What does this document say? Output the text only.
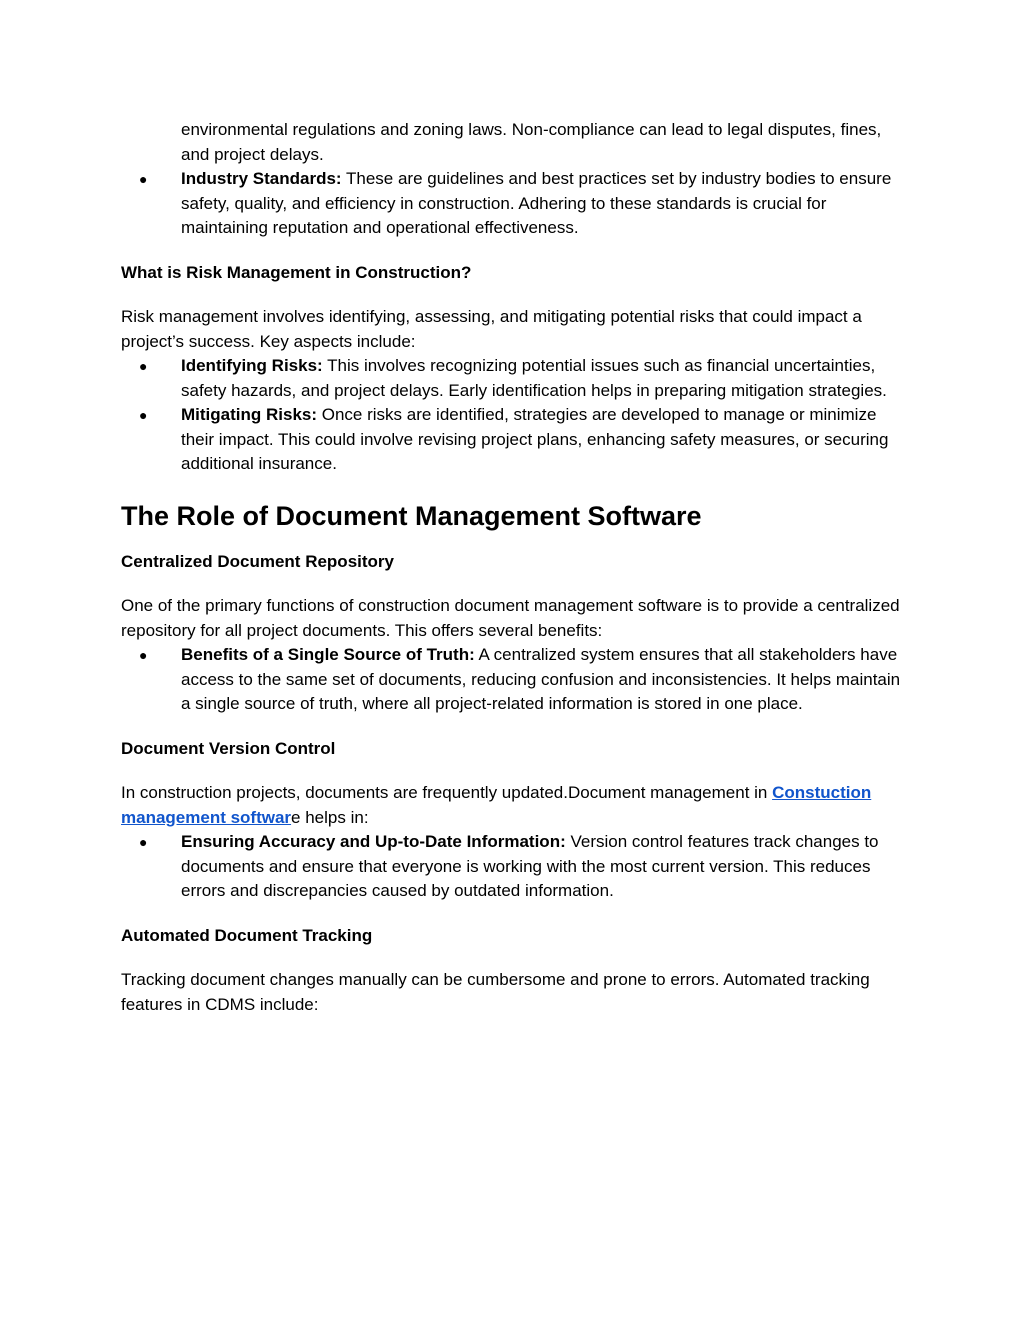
environmental regulations and zoning laws. Non-compliance can lead to legal disputes, fines, and project delays.

● Industry Standards: These are guidelines and best practices set by industry bodies to ensure safety, quality, and efficiency in construction. Adhering to these standards is crucial for maintaining reputation and operational effectiveness.
What is Risk Management in Construction?

Risk management involves identifying, assessing, and mitigating potential risks that could impact a project’s success. Key aspects include:

● Identifying Risks: This involves recognizing potential issues such as financial uncertainties, safety hazards, and project delays. Early identification helps in preparing mitigation strategies.
● Mitigating Risks: Once risks are identified, strategies are developed to manage or minimize their impact. This could involve revising project plans, enhancing safety measures, or securing additional insurance.
The Role of Document Management Software
Centralized Document Repository

One of the primary functions of construction document management software is to provide a centralized repository for all project documents. This offers several benefits:

● Benefits of a Single Source of Truth: A centralized system ensures that all stakeholders have access to the same set of documents, reducing confusion and inconsistencies. It helps maintain a single source of truth, where all project-related information is stored in one place.
Document Version Control

In construction projects, documents are frequently updated.Document management in Constuction management software helps in:

● Ensuring Accuracy and Up-to-Date Information: Version control features track changes to documents and ensure that everyone is working with the most current version. This reduces errors and discrepancies caused by outdated information.
Automated Document Tracking

Tracking document changes manually can be cumbersome and prone to errors. Automated tracking features in CDMS include:
